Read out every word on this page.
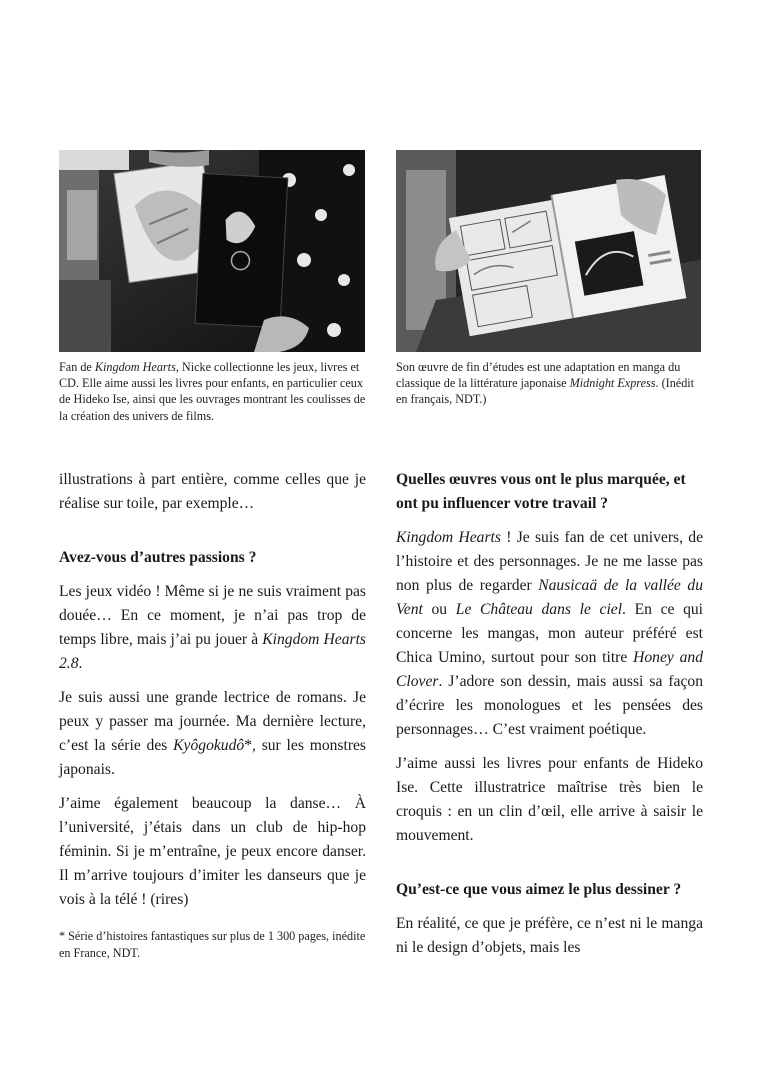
Fan de Kingdom Hearts, Nicke collectionne les jeux, livres et CD. Elle aime aussi les livres pour enfants, en particulier ceux de Hideko Ise, ainsi que les ouvrages montrant les coulisses de la création des univers de films.
Son œuvre de fin d’études est une adaptation en manga du classique de la littérature japonaise Midnight Express. (Inédit en français, NDT.)

illustrations à part entière, comme celles que je réalise sur toile, par exemple…

Avez-vous d’autres passions ?

Les jeux vidéo ! Même si je ne suis vraiment pas douée… En ce moment, je n’ai pas trop de temps libre, mais j’ai pu jouer à Kingdom Hearts 2.8.

Je suis aussi une grande lectrice de romans. Je peux y passer ma journée. Ma dernière lecture, c’est la série des Kyôgokudô*, sur les monstres japonais.

J’aime également beaucoup la danse… À l’université, j’étais dans un club de hip-hop féminin. Si je m’entraîne, je peux encore danser. Il m’arrive toujours d’imiter les danseurs que je vois à la télé ! (rires)

* Série d’histoires fantastiques sur plus de 1 300 pages, inédite en France, NDT.
Quelles œuvres vous ont le plus marquée, et ont pu influencer votre travail ?

Kingdom Hearts ! Je suis fan de cet univers, de l’histoire et des personnages. Je ne me lasse pas non plus de regarder Nausicaä de la vallée du Vent ou Le Château dans le ciel. En ce qui concerne les mangas, mon auteur préféré est Chica Umino, surtout pour son titre Honey and Clover. J’adore son dessin, mais aussi sa façon d’écrire les monologues et les pensées des personnages… C’est vraiment poétique.

J’aime aussi les livres pour enfants de Hideko Ise. Cette illustratrice maîtrise très bien le croquis : en un clin d’œil, elle arrive à saisir le mouvement.

Qu’est-ce que vous aimez le plus dessiner ?

En réalité, ce que je préfère, ce n’est ni le manga ni le design d’objets, mais les
